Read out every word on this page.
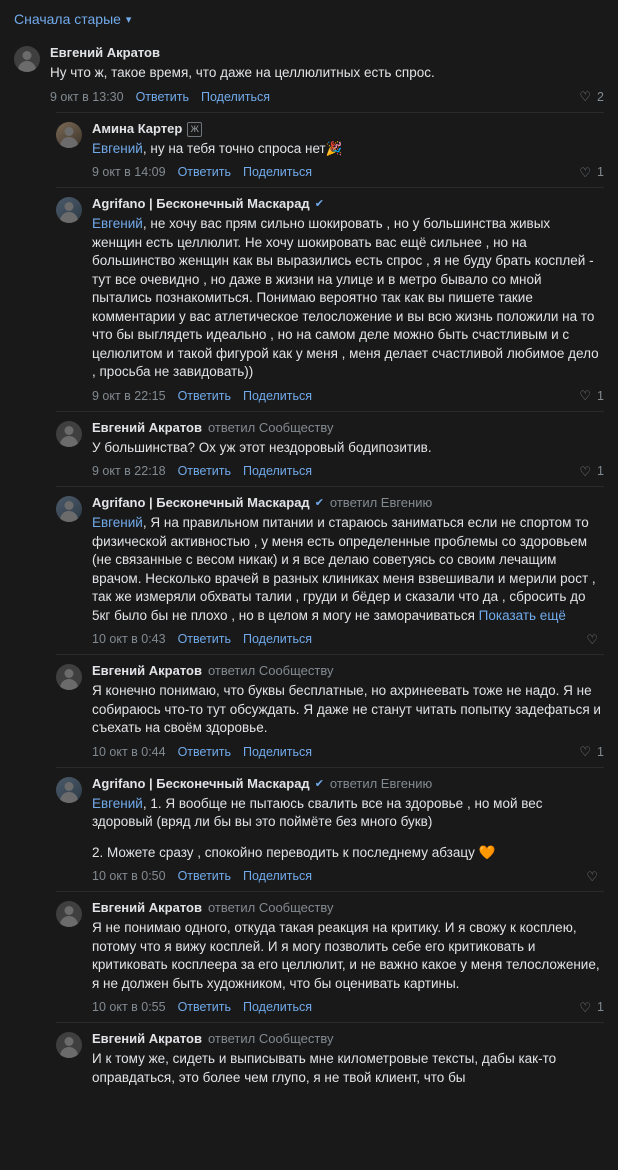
Сначала старые ▾
Евгений Акратов
Ну что ж, такое время, что даже на целлюлитных есть спрос.
9 окт в 13:30 Ответить Поделиться	♡ 2
Амина Картер Ж
Евгений, ну на тебя точно спроса нет🎉
9 окт в 14:09 Ответить Поделиться	♡ 1
Agrifano | Бесконечный Маскарад ✔
Евгений, не хочу вас прям сильно шокировать , но у большинства живых женщин есть целлюлит. Не хочу шокировать вас ещё сильнее , но на большинство женщин как вы выразились есть спрос , я не буду брать косплей - тут все очевидно , но даже в жизни на улице и в метро бывало со мной пытались познакомиться. Понимаю вероятно так как вы пишете такие комментарии у вас атлетическое телосложение и вы всю жизнь положили на то что бы выглядеть идеально , но на самом деле можно быть счастливым и с целюлитом и такой фигурой как у меня , меня делает счастливой любимое дело , просьба не завидовать))
9 окт в 22:15 Ответить Поделиться	♡ 1
Евгений Акратов ответил Сообществу
У большинства? Ох уж этот нездоровый бодипозитив.
9 окт в 22:18 Ответить Поделиться	♡ 1
Agrifano | Бесконечный Маскарад ✔ ответил Евгению
Евгений, Я на правильном питании и стараюсь заниматься если не спортом то физической активностью , у меня есть определенные проблемы со здоровьем (не связанные с весом никак) и я все делаю советуясь со своим лечащим врачом. Несколько врачей в разных клиниках меня взвешивали и мерили рост , так же измеряли обхваты талии , груди и бёдер и сказали что да , сбросить до 5кг было бы не плохо , но в целом я могу не заморачиваться Показать ещё
10 окт в 0:43 Ответить Поделиться	♡
Евгений Акратов ответил Сообществу
Я конечно понимаю, что буквы бесплатные, но ахринеевать тоже не надо. Я не собираюсь что-то тут обсуждать. Я даже не станут читать попытку задефаться и съехать на своём здоровье.
10 окт в 0:44 Ответить Поделиться	♡ 1
Agrifano | Бесконечный Маскарад ✔ ответил Евгению
Евгений, 1. Я вообще не пытаюсь свалить все на здоровье , но мой вес здоровый (вряд ли бы вы это поймёте без много букв)
2. Можете сразу , спокойно переводить к последнему абзацу 🧡
10 окт в 0:50 Ответить Поделиться	♡
Евгений Акратов ответил Сообществу
Я не понимаю одного, откуда такая реакция на критику. И я свожу к косплею, потому что я вижу косплей. И я могу позволить себе его критиковать и критиковать косплеера за его целлюлит, и не важно какое у меня телосложение, я не должен быть художником, что бы оценивать картины.
10 окт в 0:55 Ответить Поделиться	♡ 1
Евгений Акратов ответил Сообществу
И к тому же, сидеть и выписывать мне километровые тексты, дабы как-то оправдаться, это более чем глупо, я не твой клиент, что бы
